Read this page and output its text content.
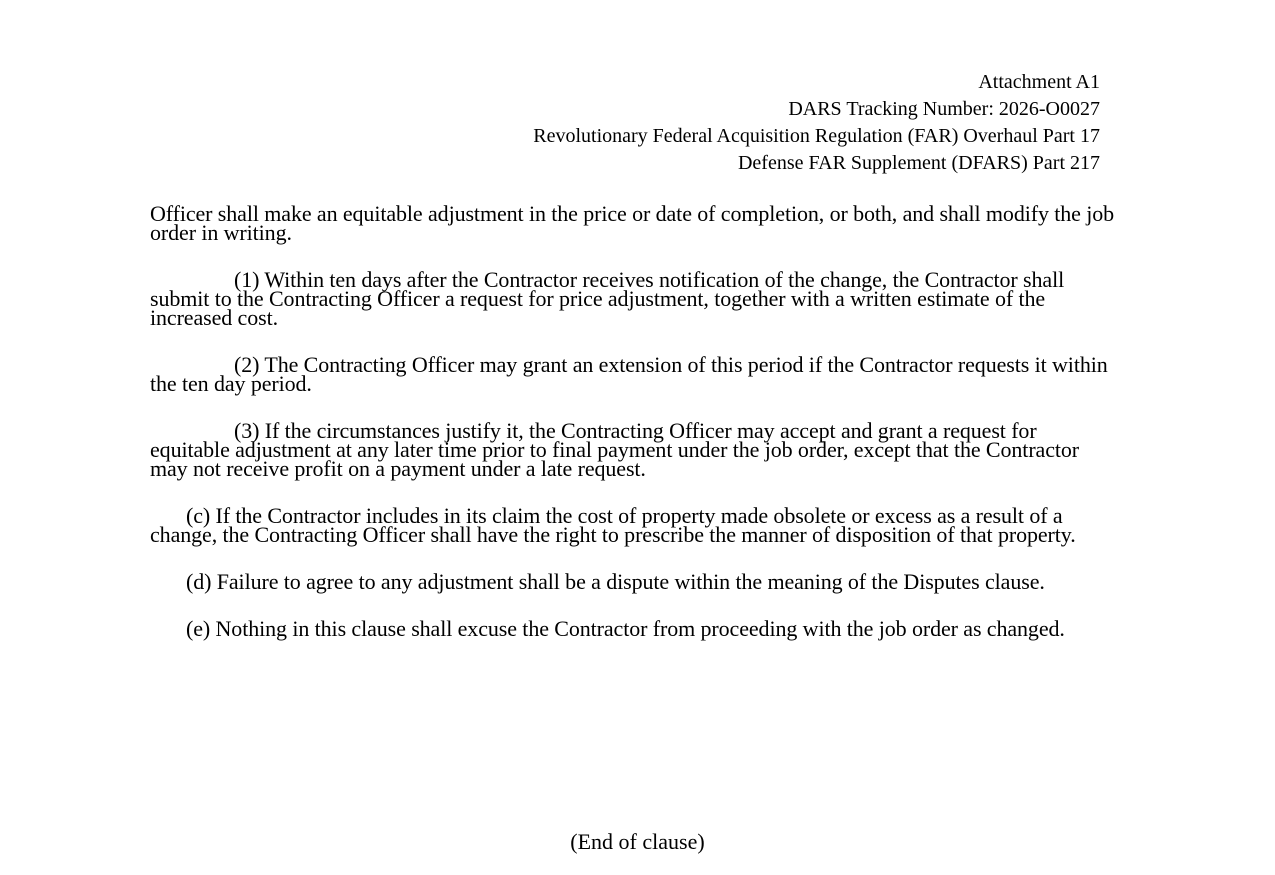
Attachment A1
DARS Tracking Number: 2026-O0027
Revolutionary Federal Acquisition Regulation (FAR) Overhaul Part 17
Defense FAR Supplement (DFARS) Part 217

Officer shall make an equitable adjustment in the price or date of completion, or both, and shall modify the job order in writing.

(1) Within ten days after the Contractor receives notification of the change, the Contractor shall submit to the Contracting Officer a request for price adjustment, together with a written estimate of the increased cost.

(2) The Contracting Officer may grant an extension of this period if the Contractor requests it within the ten day period.

(3) If the circumstances justify it, the Contracting Officer may accept and grant a request for equitable adjustment at any later time prior to final payment under the job order, except that the Contractor may not receive profit on a payment under a late request.

(c) If the Contractor includes in its claim the cost of property made obsolete or excess as a result of a change, the Contracting Officer shall have the right to prescribe the manner of disposition of that property.

(d) Failure to agree to any adjustment shall be a dispute within the meaning of the Disputes clause.

(e) Nothing in this clause shall excuse the Contractor from proceeding with the job order as changed.

(End of clause)
